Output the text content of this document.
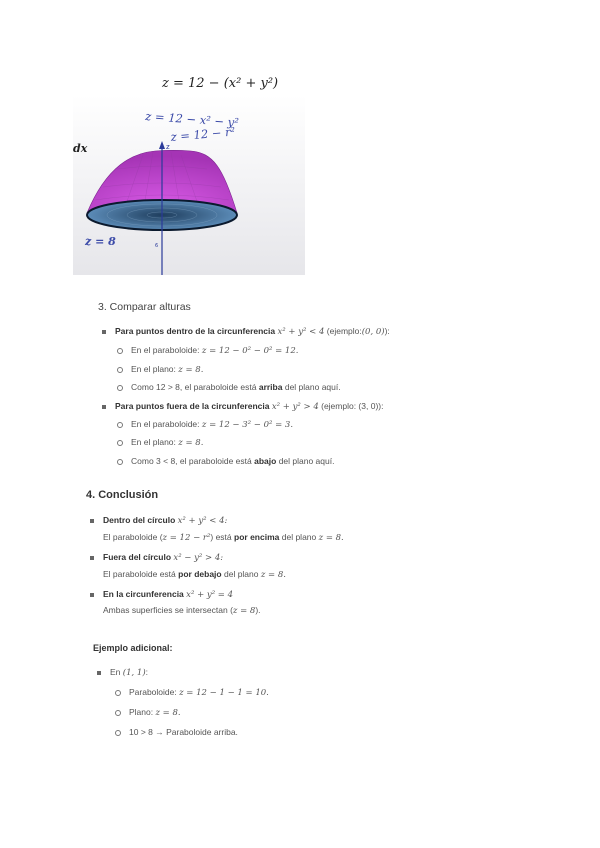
z = 12 − (x² + y²)
z
6
z = 12 − x² − y²
z = 12 − r²
dx
z = 8
3. Comparar alturas
Para puntos dentro de la circunferencia x² + y² < 4 (ejemplo:(0, 0)):
En el paraboloide: z = 12 − 0² − 0² = 12.
En el plano: z = 8.
Como 12 > 8, el paraboloide está arriba del plano aquí.
Para puntos fuera de la circunferencia x² + y² > 4 (ejemplo: (3, 0)):
En el paraboloide: z = 12 − 3² − 0² = 3.
En el plano: z = 8.
Como 3 < 8, el paraboloide está abajo del plano aquí.
4. Conclusión
Dentro del círculo x² + y² < 4:
El paraboloide (z = 12 − r²) está por encima del plano z = 8.
Fuera del círculo x² − y² > 4:
El paraboloide está por debajo del plano z = 8.
En la circunferencia x² + y² = 4
Ambas superficies se intersectan (z = 8).
Ejemplo adicional:
En (1, 1):
Paraboloide: z = 12 − 1 − 1 = 10.
Plano: z = 8.
10 > 8 → Paraboloide arriba.
